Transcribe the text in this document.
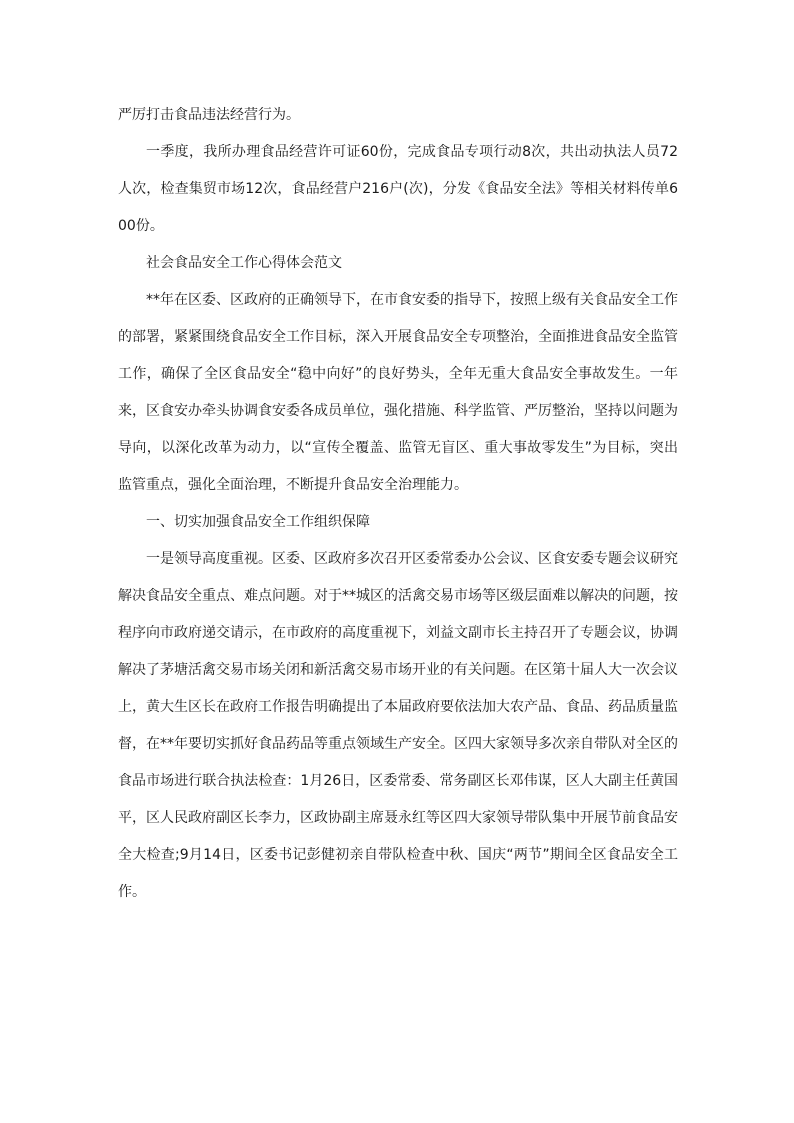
严厉打击食品违法经营行为。

一季度，我所办理食品经营许可证60份，完成食品专项行动8次，共出动执法人员72人次，检查集贸市场12次，食品经营户216户(次)，分发《食品安全法》等相关材料传单600份。

社会食品安全工作心得体会范文

**年在区委、区政府的正确领导下，在市食安委的指导下，按照上级有关食品安全工作的部署，紧紧围绕食品安全工作目标，深入开展食品安全专项整治，全面推进食品安全监管工作，确保了全区食品安全“稳中向好”的良好势头，全年无重大食品安全事故发生。一年来，区食安办牵头协调食安委各成员单位，强化措施、科学监管、严厉整治，坚持以问题为导向，以深化改革为动力，以“宣传全覆盖、监管无盲区、重大事故零发生”为目标，突出监管重点，强化全面治理，不断提升食品安全治理能力。

一、切实加强食品安全工作组织保障

一是领导高度重视。区委、区政府多次召开区委常委办公会议、区食安委专题会议研究解决食品安全重点、难点问题。对于**城区的活禽交易市场等区级层面难以解决的问题，按程序向市政府递交请示，在市政府的高度重视下，刘益文副市长主持召开了专题会议，协调解决了茅塘活禽交易市场关闭和新活禽交易市场开业的有关问题。在区第十届人大一次会议上，黄大生区长在政府工作报告明确提出了本届政府要依法加大农产品、食品、药品质量监督，在**年要切实抓好食品药品等重点领域生产安全。区四大家领导多次亲自带队对全区的食品市场进行联合执法检查：1月26日，区委常委、常务副区长邓伟谋，区人大副主任黄国平，区人民政府副区长李力，区政协副主席聂永红等区四大家领导带队集中开展节前食品安全大检查;9月14日，区委书记彭健初亲自带队检查中秋、国庆“两节”期间全区食品安全工作。
